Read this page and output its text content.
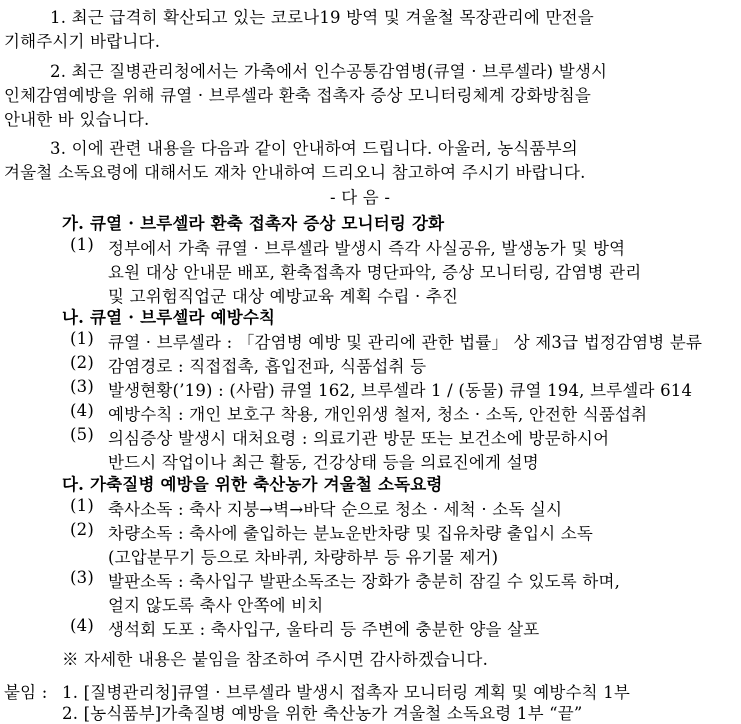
1. 최근 급격히 확산되고 있는 코로나19 방역 및 겨울철 목장관리에 만전을
기해주시기 바랍니다.
2. 최근 질병관리청에서는 가축에서 인수공통감염병(큐열 · 브루셀라) 발생시
인체감염예방을 위해 큐열 · 브루셀라 환축 접촉자 증상 모니터링체계 강화방침을
안내한 바 있습니다.
3. 이에 관련 내용을 다음과 같이 안내하여 드립니다. 아울러, 농식품부의
겨울철 소독요령에 대해서도 재차 안내하여 드리오니 참고하여 주시기 바랍니다.
- 다 음 -
가. 큐열 · 브루셀라 환축 접촉자 증상 모니터링 강화
(1) 정부에서 가축 큐열 · 브루셀라 발생시 즉각 사실공유, 발생농가 및 방역
요원 대상 안내문 배포, 환축접촉자 명단파악, 증상 모니터링, 감염병 관리
및 고위험직업군 대상 예방교육 계획 수립 · 추진
나. 큐열 · 브루셀라 예방수칙
(1) 큐열 · 브루셀라 : 「감염병 예방 및 관리에 관한 법률」 상 제3급 법정감염병 분류
(2) 감염경로 : 직접접촉, 흡입전파, 식품섭취 등
(3) 발생현황(’19) : (사람) 큐열 162, 브루셀라 1 / (동물) 큐열 194, 브루셀라 614
(4) 예방수칙 : 개인 보호구 착용, 개인위생 철저, 청소 · 소독, 안전한 식품섭취
(5) 의심증상 발생시 대처요령 : 의료기관 방문 또는 보건소에 방문하시어
반드시 작업이나 최근 활동, 건강상태 등을 의료진에게 설명
다. 가축질병 예방을 위한 축산농가 겨울철 소독요령
(1) 축사소독 : 축사 지붕→벽→바닥 순으로 청소 · 세척 · 소독 실시
(2) 차량소독 : 축사에 출입하는 분뇨운반차량 및 집유차량 출입시 소독
(고압분무기 등으로 차바퀴, 차량하부 등 유기물 제거)
(3) 발판소독 : 축사입구 발판소독조는 장화가 충분히 잠길 수 있도록 하며,
얼지 않도록 축사 안쪽에 비치
(4) 생석회 도포 : 축사입구, 울타리 등 주변에 충분한 양을 살포
※ 자세한 내용은 붙임을 참조하여 주시면 감사하겠습니다.
붙임 : 1. [질병관리청]큐열 · 브루셀라 발생시 접촉자 모니터링 계획 및 예방수칙 1부
2. [농식품부]가축질병 예방을 위한 축산농가 겨울철 소독요령 1부 “끝”
